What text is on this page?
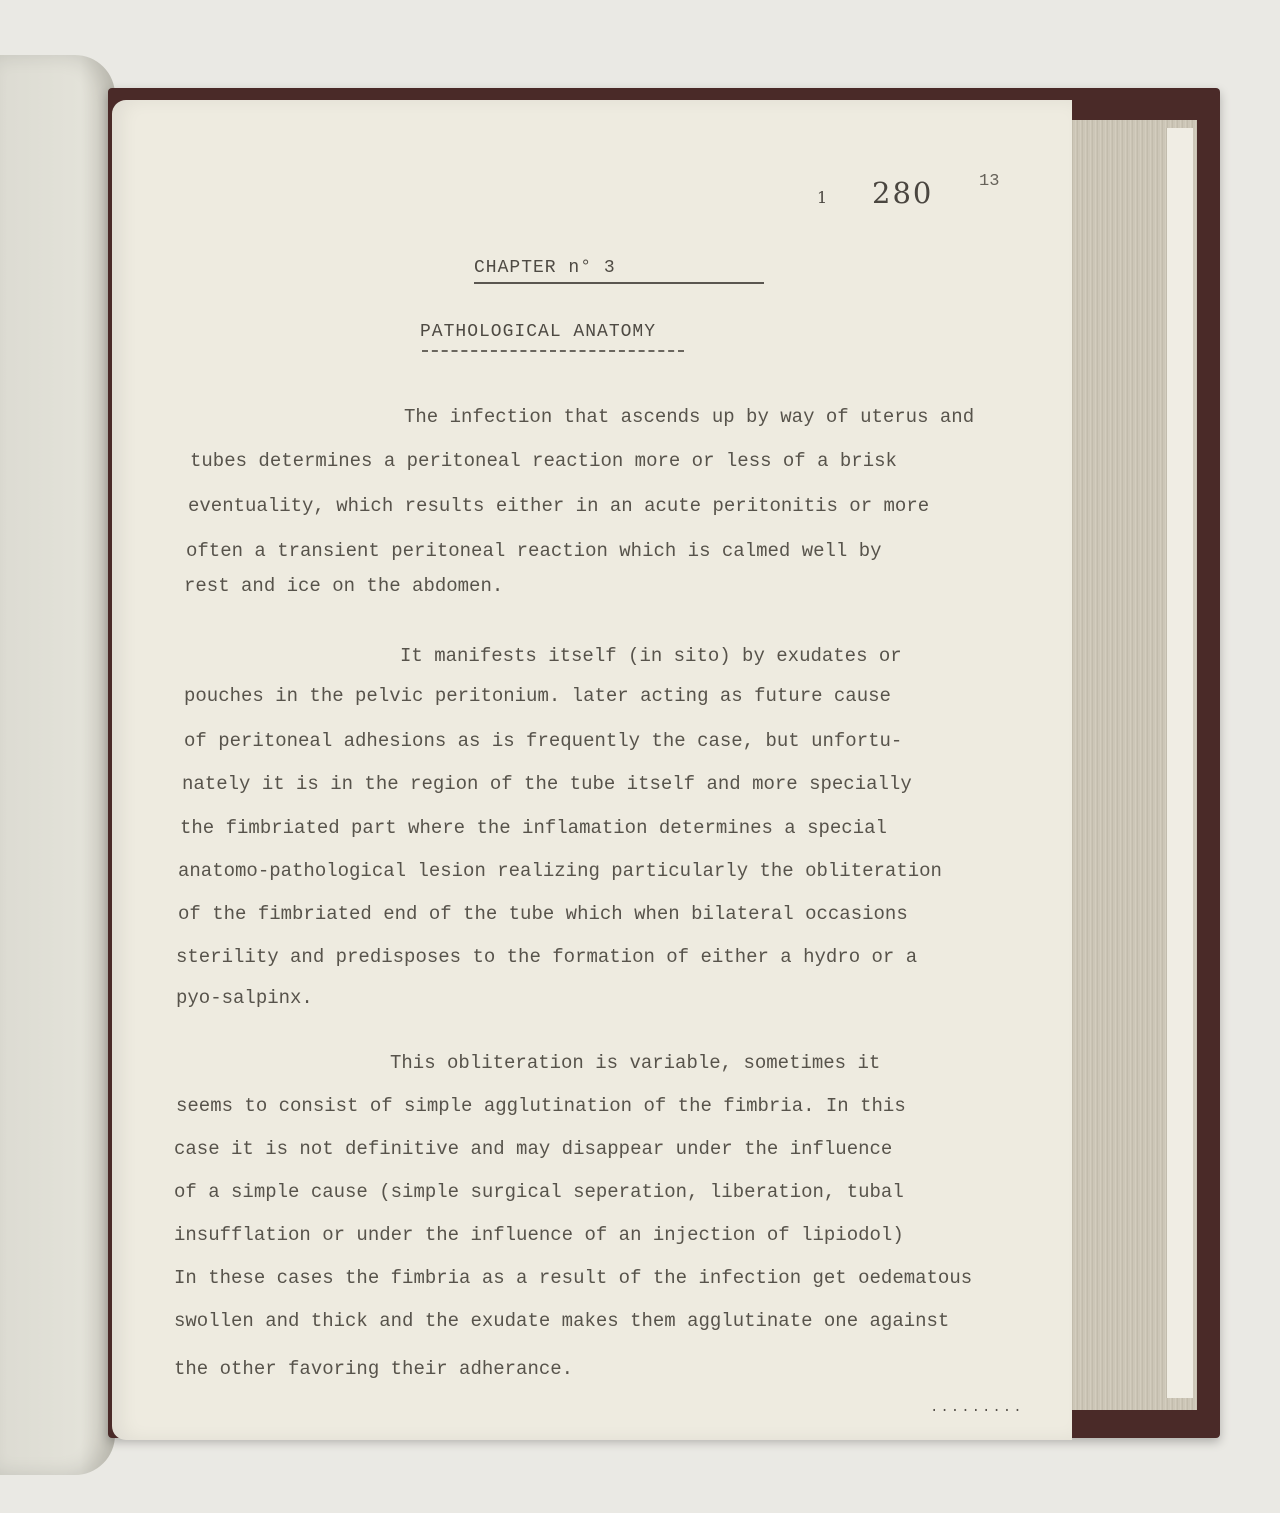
1 280	13
CHAPTER n° 3
PATHOLOGICAL ANATOMY
The infection that ascends up by way of uterus and
tubes determines a peritoneal reaction more or less of a brisk
eventuality, which results either in an acute peritonitis or more
often a transient peritoneal reaction which is calmed well by
rest and ice on the abdomen.
It manifests itself (in sito) by exudates or
pouches in the pelvic peritonium. later acting as future cause
of peritoneal adhesions as is frequently the case, but unfortu-
nately it is in the region of the tube itself and more specially
the fimbriated part where the inflamation determines a special
anatomo-pathological lesion realizing particularly the obliteration
of the fimbriated end of the tube which when bilateral occasions
sterility and predisposes to the formation of either a hydro or a
pyo-salpinx.
This obliteration is variable, sometimes it
seems to consist of simple agglutination of the fimbria. In this
case it is not definitive and may disappear under the influence
of a simple cause (simple surgical seperation, liberation, tubal
insufflation or under the influence of an injection of lipiodol)
In these cases the fimbria as a result of the infection get oedematous
swollen and thick and the exudate makes them agglutinate one against
the other favoring their adherance.
.........
